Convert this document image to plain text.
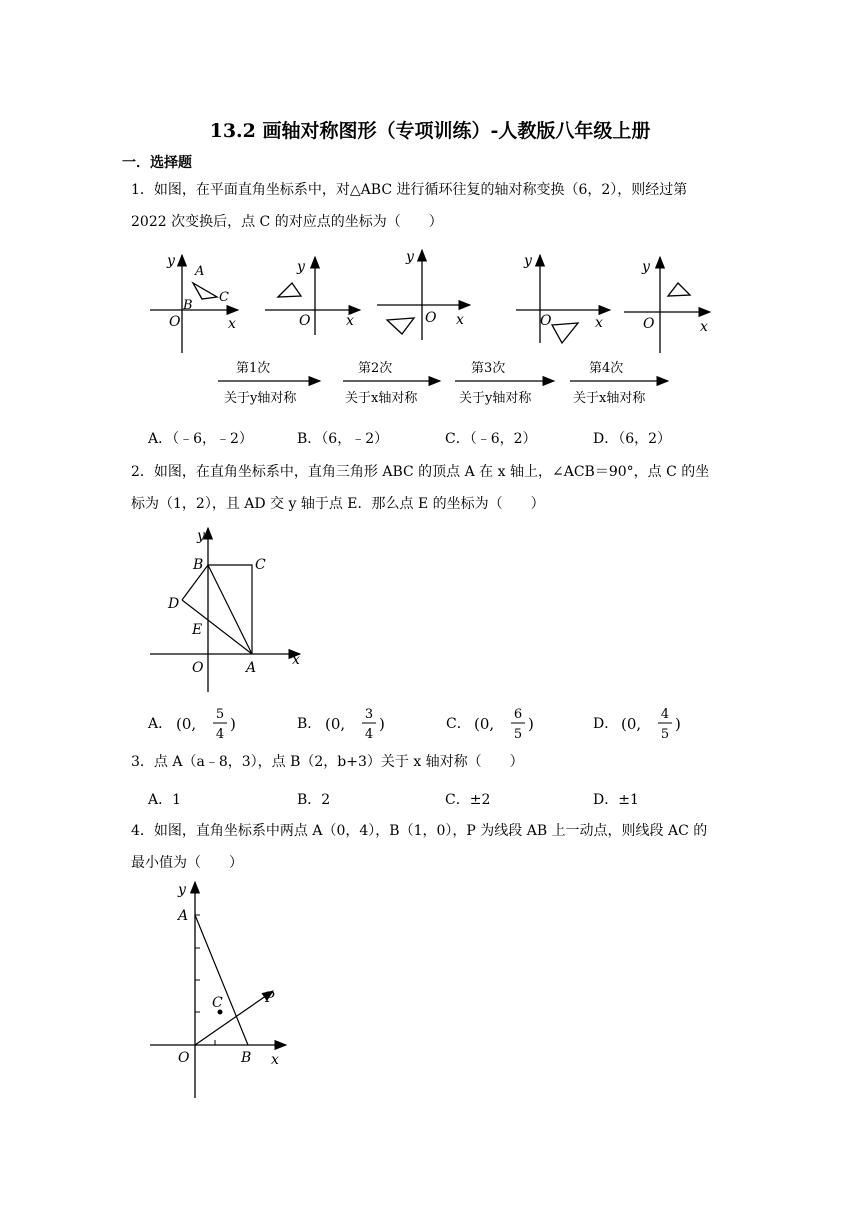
13.2 画轴对称图形（专项训练）-人教版八年级上册
一．选择题
1．如图，在平面直角坐标系中，对△ABC 进行循环往复的轴对称变换（6，2），则经过第
2022 次变换后，点 C 的对应点的坐标为（　　）
y
x
O
A
B
C
y
x
O
y
x
O
y
x
O
y
x
O
第1次
关于y轴对称
第2次
关于x轴对称
第3次
关于y轴对称
第4次
关于x轴对称
A．（﹣6，﹣2）	B．（6，﹣2）	C．（﹣6，2）	D．（6，2）
2．如图，在直角坐标系中，直角三角形 ABC 的顶点 A 在 x 轴上，∠ACB＝90°，点 C 的坐
标为（1，2），且 AD 交 y 轴于点 E．那么点 E 的坐标为（　　）
y
x
O	A
B	C
D
E
A． (0,
5
4
)	B． (0,
3
4
)	C． (0,
6
5
)	D． (0,
4
5
)
3．点 A（a﹣8，3），点 B（2，b+3）关于 x 轴对称（　　）
A．1	B．2	C．±2	D．±1
4．如图，直角坐标系中两点 A（0，4），B（1，0），P 为线段 AB 上一动点，则线段 AC 的
最小值为（　　）
y
x
A
O	B
C	P
